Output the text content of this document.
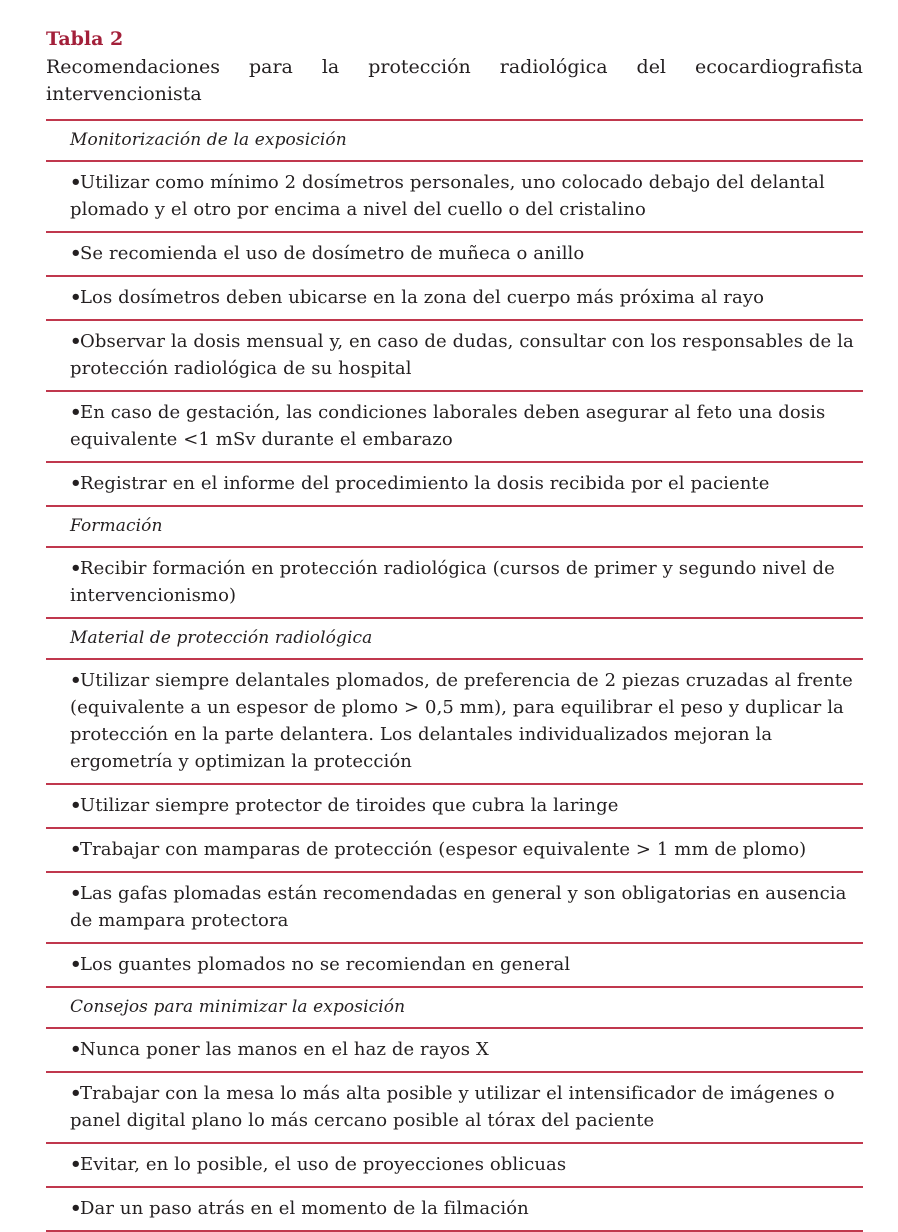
Tabla 2
Recomendaciones para la protección radiológica del ecocardiografista
intervencionista
Monitorización de la exposición
•Utilizar como mínimo 2 dosímetros personales, uno colocado debajo del delantal plomado y el otro por encima a nivel del cuello o del cristalino
•Se recomienda el uso de dosímetro de muñeca o anillo
•Los dosímetros deben ubicarse en la zona del cuerpo más próxima al rayo
•Observar la dosis mensual y, en caso de dudas, consultar con los responsables de la protección radiológica de su hospital
•En caso de gestación, las condiciones laborales deben asegurar al feto una dosis equivalente <1 mSv durante el embarazo
•Registrar en el informe del procedimiento la dosis recibida por el paciente
Formación
•Recibir formación en protección radiológica (cursos de primer y segundo nivel de intervencionismo)
Material de protección radiológica
•Utilizar siempre delantales plomados, de preferencia de 2 piezas cruzadas al frente (equivalente a un espesor de plomo > 0,5 mm), para equilibrar el peso y duplicar la protección en la parte delantera. Los delantales individualizados mejoran la ergometría y optimizan la protección
•Utilizar siempre protector de tiroides que cubra la laringe
•Trabajar con mamparas de protección (espesor equivalente > 1 mm de plomo)
•Las gafas plomadas están recomendadas en general y son obligatorias en ausencia de mampara protectora
•Los guantes plomados no se recomiendan en general
Consejos para minimizar la exposición
•Nunca poner las manos en el haz de rayos X
•Trabajar con la mesa lo más alta posible y utilizar el intensificador de imágenes o panel digital plano lo más cercano posible al tórax del paciente
•Evitar, en lo posible, el uso de proyecciones oblicuas
•Dar un paso atrás en el momento de la filmación
